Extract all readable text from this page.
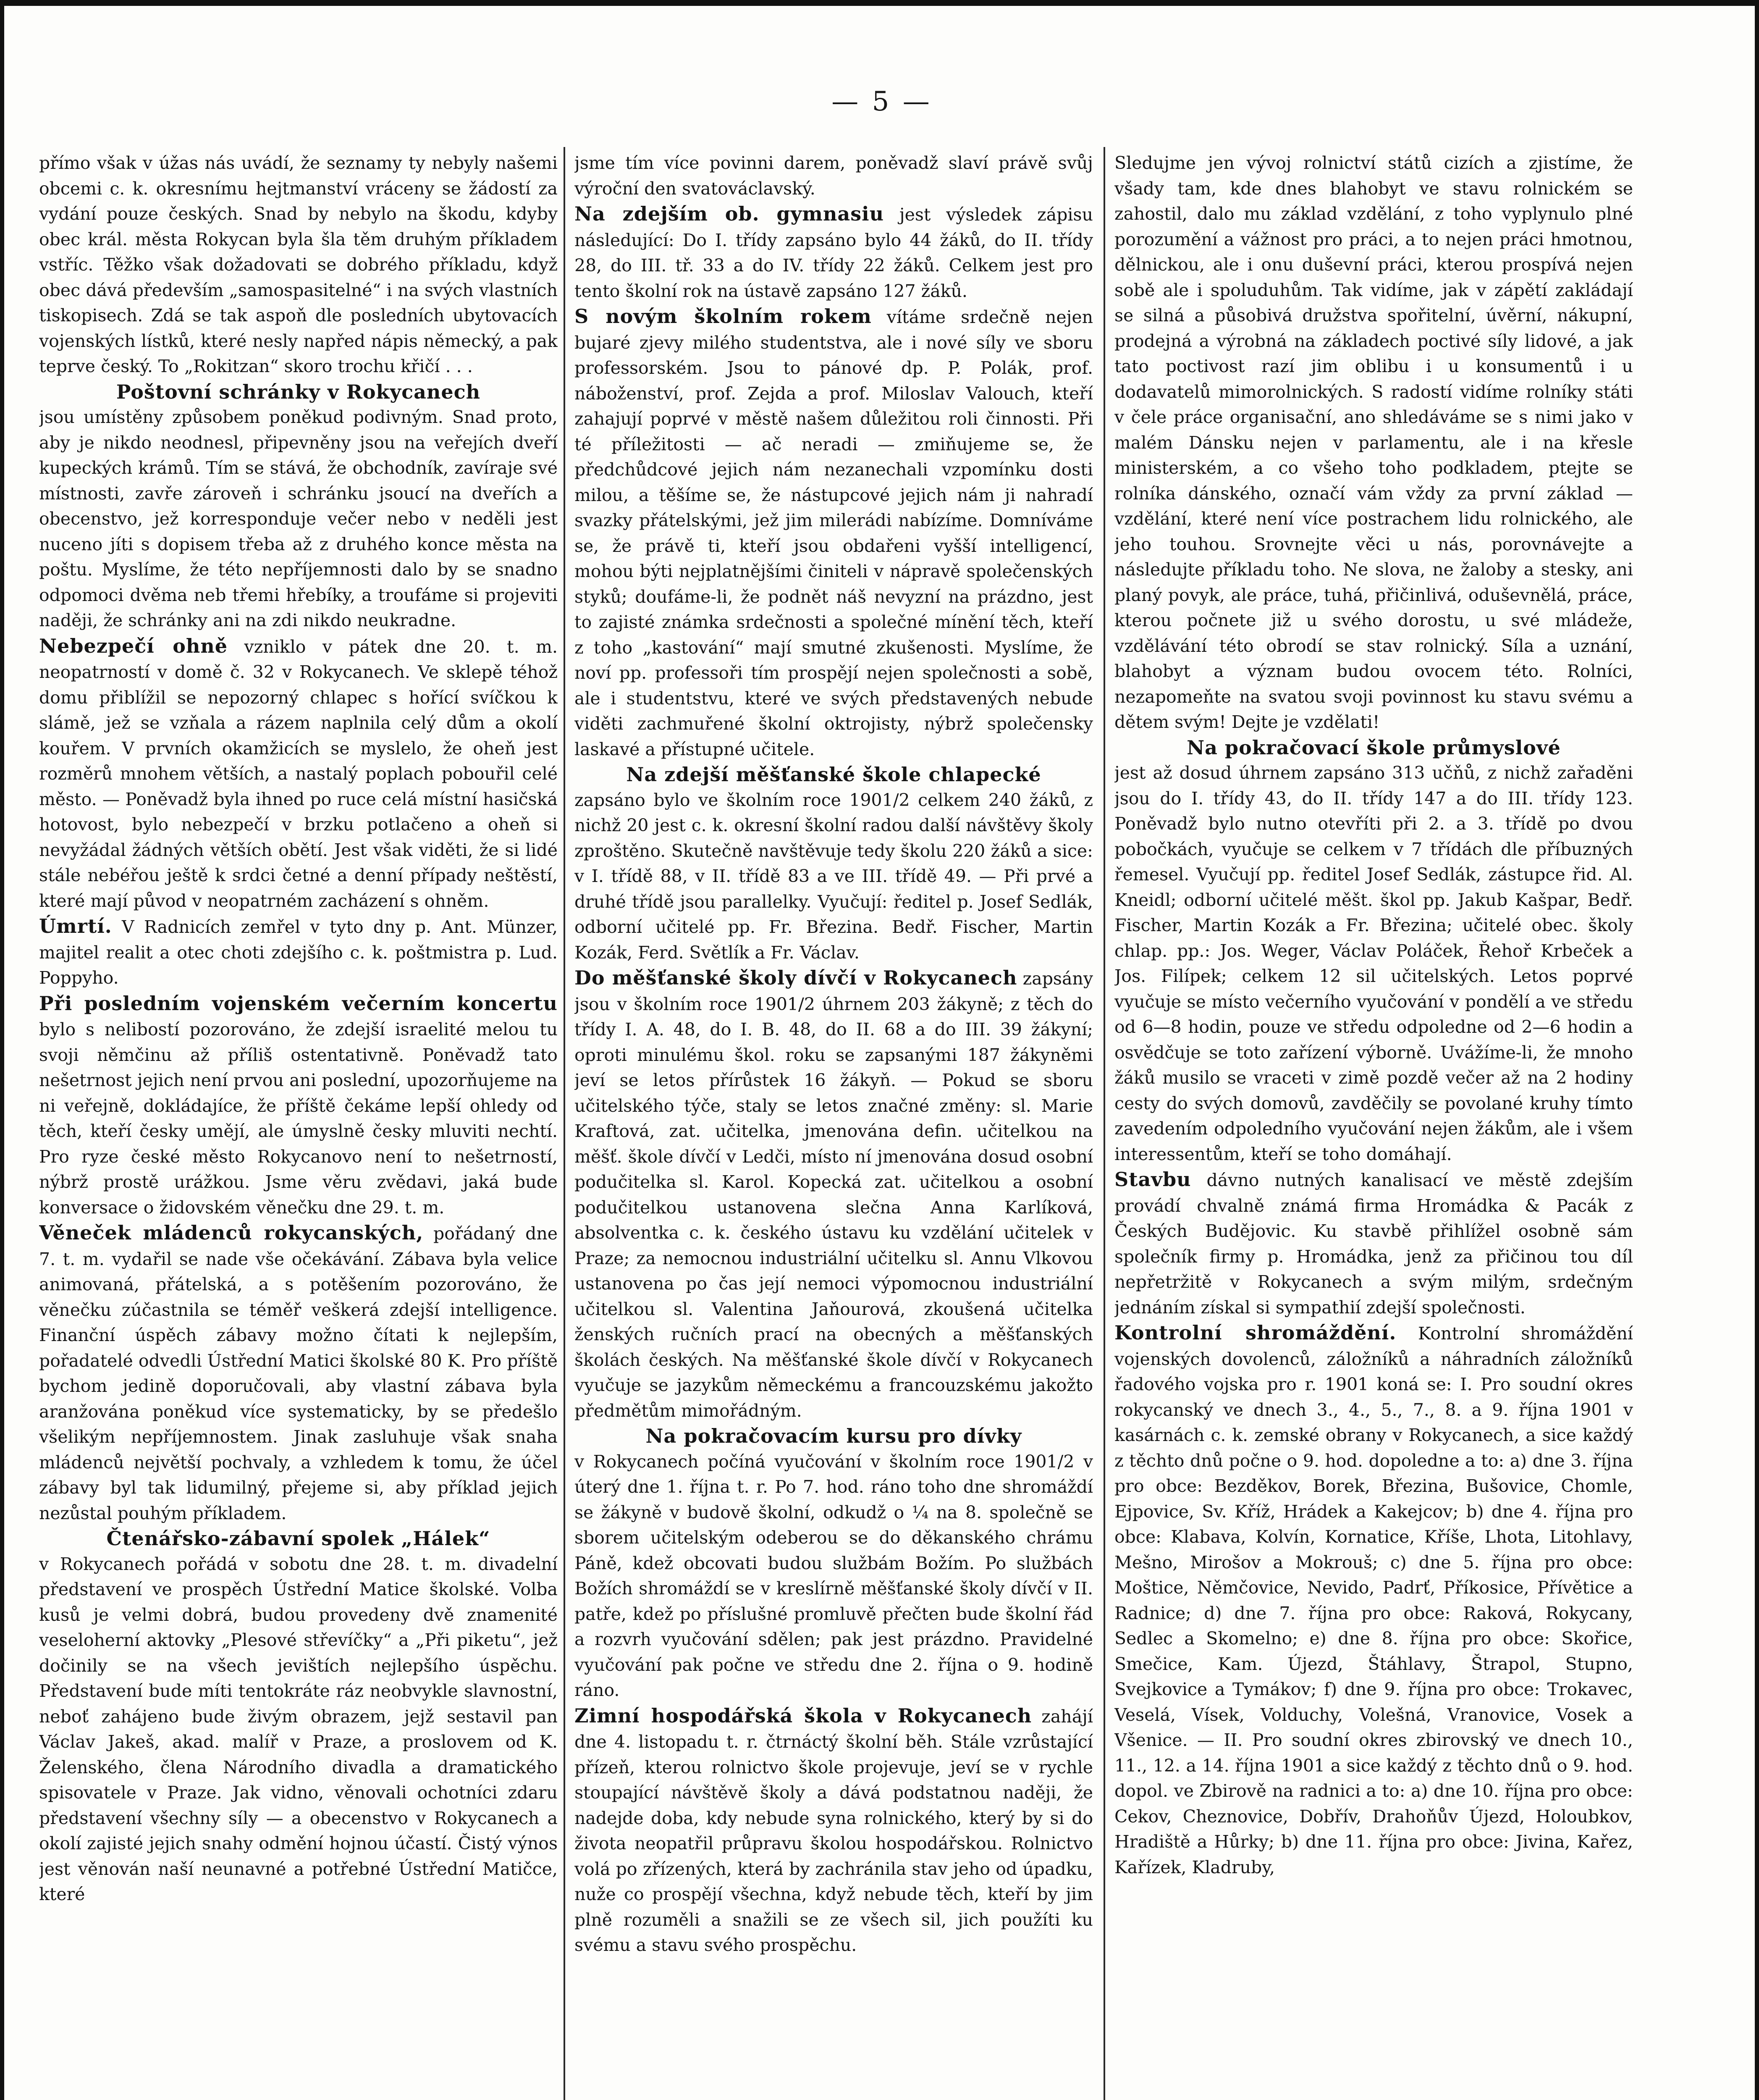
— 5 —

přímo však v úžas nás uvádí, že seznamy ty nebyly našemi obcemi c. k. okresnímu hejtmanství vráceny se žádostí za vydání pouze českých. Snad by nebylo na škodu, kdyby obec král. města Rokycan byla šla těm druhým příkladem vstříc. Těžko však dožadovati se dobrého příkladu, když obec dává především „samospasitelné“ i na svých vlastních tiskopisech. Zdá se tak aspoň dle posledních ubytovacích vojenských lístků, které nesly napřed nápis německý, a pak teprve český. To „Rokitzan“ skoro trochu křičí . . .

Poštovní schránky v Rokycanech
jsou umístěny způsobem poněkud podivným. Snad proto, aby je nikdo neodnesl, připevněny jsou na veřejích dveří kupeckých krámů. Tím se stává, že obchodník, zavíraje své místnosti, zavře zároveň i schránku jsoucí na dveřích a obecenstvo, jež korresponduje večer nebo v neděli jest nuceno jíti s dopisem třeba až z druhého konce města na poštu. Myslíme, že této nepříjemnosti dalo by se snadno odpomoci dvěma neb třemi hřebíky, a troufáme si projeviti naději, že schránky ani na zdi nikdo neukradne.

Nebezpečí ohně vzniklo v pátek dne 20. t. m. neopatrností v domě č. 32 v Rokycanech. Ve sklepě téhož domu přiblížil se nepozorný chlapec s hořící svíčkou k slámě, jež se vzňala a rázem naplnila celý dům a okolí kouřem. V prvních okamžicích se myslelo, že oheň jest rozměrů mnohem větších, a nastalý poplach pobouřil celé město. — Poněvadž byla ihned po ruce celá místní hasičská hotovost, bylo nebezpečí v brzku potlačeno a oheň si nevyžádal žádných větších obětí. Jest však viděti, že si lidé stále nebéřou ještě k srdci četné a denní případy neštěstí, které mají původ v neopatrném zacházení s ohněm.

Úmrtí. V Radnicích zemřel v tyto dny p. Ant. Münzer, majitel realit a otec choti zdejšího c. k. poštmistra p. Lud. Poppyho.

Při posledním vojenském večerním koncertu bylo s nelibostí pozorováno, že zdejší israelité melou tu svoji němčinu až příliš ostentativně. Poněvadž tato nešetrnost jejich není prvou ani poslední, upozorňujeme na ni veřejně, dokládajíce, že příště čekáme lepší ohledy od těch, kteří česky umějí, ale úmyslně česky mluviti nechtí. Pro ryze české město Rokycanovo není to nešetrností, nýbrž prostě urážkou. Jsme věru zvědavi, jaká bude konversace o židovském věnečku dne 29. t. m.

Věneček mládenců rokycanských, pořádaný dne 7. t. m. vydařil se nade vše očekávání. Zábava byla velice animovaná, přátelská, a s potěšením pozorováno, že věnečku zúčastnila se téměř veškerá zdejší intelligence. Finanční úspěch zábavy možno čítati k nejlepším, pořadatelé odvedli Ústřední Matici školské 80 K. Pro příště bychom jedině doporučovali, aby vlastní zábava byla aranžována poněkud více systematicky, by se předešlo všelikým nepříjemnostem. Jinak zasluhuje však snaha mládenců největší pochvaly, a vzhledem k tomu, že účel zábavy byl tak lidumilný, přejeme si, aby příklad jejich nezůstal pouhým příkladem.

Čtenářsko-zábavní spolek „Hálek“
v Rokycanech pořádá v sobotu dne 28. t. m. divadelní představení ve prospěch Ústřední Matice školské. Volba kusů je velmi dobrá, budou provedeny dvě znamenité veseloherní aktovky „Plesové střevíčky“ a „Při piketu“, jež dočinily se na všech jevištích nejlepšího úspěchu. Představení bude míti tentokráte ráz neobvykle slavnostní, neboť zahájeno bude živým obrazem, jejž sestavil pan Václav Jakeš, akad. malíř v Praze, a proslovem od K. Želenského, člena Národního divadla a dramatického spisovatele v Praze. Jak vidno, věnovali ochotníci zdaru představení všechny síly — a obecenstvo v Rokycanech a okolí zajisté jejich snahy odmění hojnou účastí. Čistý výnos jest věnován naší neunavné a potřebné Ústřední Matičce, které

jsme tím více povinni darem, poněvadž slaví právě svůj výroční den svatováclavský.

Na zdejším ob. gymnasiu jest výsledek zápisu následující: Do I. třídy zapsáno bylo 44 žáků, do II. třídy 28, do III. tř. 33 a do IV. třídy 22 žáků. Celkem jest pro tento školní rok na ústavě zapsáno 127 žáků.

S novým školním rokem vítáme srdečně nejen bujaré zjevy milého studentstva, ale i nové síly ve sboru professorském. Jsou to pánové dp. P. Polák, prof. náboženství, prof. Zejda a prof. Miloslav Valouch, kteří zahajují poprvé v městě našem důležitou roli činnosti. Při té příležitosti — ač neradi — zmiňujeme se, že předchůdcové jejich nám nezanechali vzpomínku dosti milou, a těšíme se, že nástupcové jejich nám ji nahradí svazky přátelskými, jež jim milerádi nabízíme. Domníváme se, že právě ti, kteří jsou obdařeni vyšší intelligencí, mohou býti nejplatnějšími činiteli v nápravě společenských styků; doufáme-li, že podnět náš nevyzní na prázdno, jest to zajisté známka srdečnosti a společné mínění těch, kteří z toho „kastování“ mají smutné zkušenosti. Myslíme, že noví pp. professoři tím prospějí nejen společnosti a sobě, ale i studentstvu, které ve svých představených nebude viděti zachmuřené školní oktrojisty, nýbrž společensky laskavé a přístupné učitele.

Na zdejší měšťanské škole chlapecké
zapsáno bylo ve školním roce 1901/2 celkem 240 žáků, z nichž 20 jest c. k. okresní školní radou další návštěvy školy zproštěno. Skutečně navštěvuje tedy školu 220 žáků a sice: v I. třídě 88, v II. třídě 83 a ve III. třídě 49. — Při prvé a druhé třídě jsou parallelky. Vyučují: ředitel p. Josef Sedlák, odborní učitelé pp. Fr. Březina. Bedř. Fischer, Martin Kozák, Ferd. Světlík a Fr. Václav.

Do měšťanské školy dívčí v Rokycanech zapsány jsou v školním roce 1901/2 úhrnem 203 žákyně; z těch do třídy I. A. 48, do I. B. 48, do II. 68 a do III. 39 žákyní; oproti minulému škol. roku se zapsanými 187 žákyněmi jeví se letos přírůstek 16 žákyň. — Pokud se sboru učitelského týče, staly se letos značné změny: sl. Marie Kraftová, zat. učitelka, jmenována defin. učitelkou na měšť. škole dívčí v Ledči, místo ní jmenována dosud osobní podučitelka sl. Karol. Kopecká zat. učitelkou a osobní podučitelkou ustanovena slečna Anna Karlíková, absolventka c. k. českého ústavu ku vzdělání učitelek v Praze; za nemocnou industriální učitelku sl. Annu Vlkovou ustanovena po čas její nemoci výpomocnou industriální učitelkou sl. Valentina Jaňourová, zkoušená učitelka ženských ručních prací na obecných a měšťanských školách českých. Na měšťanské škole dívčí v Rokycanech vyučuje se jazykům německému a francouzskému jakožto předmětům mimořádným.

Na pokračovacím kursu pro dívky
v Rokycanech počíná vyučování v školním roce 1901/2 v úterý dne 1. října t. r. Po 7. hod. ráno toho dne shromáždí se žákyně v budově školní, odkudž o ¼ na 8. společně se sborem učitelským odeberou se do děkanského chrámu Páně, kdež obcovati budou službám Božím. Po službách Božích shromáždí se v kreslírně měšťanské školy dívčí v II. patře, kdež po příslušné promluvě přečten bude školní řád a rozvrh vyučování sdělen; pak jest prázdno. Pravidelné vyučování pak počne ve středu dne 2. října o 9. hodině ráno.

Zimní hospodářská škola v Rokycanech zahájí dne 4. listopadu t. r. čtrnáctý školní běh. Stále vzrůstající přízeň, kterou rolnictvo škole projevuje, jeví se v rychle stoupající návštěvě školy a dává podstatnou naději, že nadejde doba, kdy nebude syna rolnického, který by si do života neopatřil průpravu školou hospodářskou. Rolnictvo volá po zřízených, která by zachránila stav jeho od úpadku, nuže co prospějí všechna, když nebude těch, kteří by jim plně rozuměli a snažili se ze všech sil, jich použíti ku svému a stavu svého prospěchu.

Sledujme jen vývoj rolnictví států cizích a zjistíme, že všady tam, kde dnes blahobyt ve stavu rolnickém se zahostil, dalo mu základ vzdělání, z toho vyplynulo plné porozumění a vážnost pro práci, a to nejen práci hmotnou, dělnickou, ale i onu duševní práci, kterou prospívá nejen sobě ale i spoluduhům. Tak vidíme, jak v zápětí zakládají se silná a působivá družstva spořitelní, úvěrní, nákupní, prodejná a výrobná na základech poctivé síly lidové, a jak tato poctivost razí jim oblibu i u konsumentů i u dodavatelů mimorolnických. S radostí vidíme rolníky státi v čele práce organisační, ano shledáváme se s nimi jako v malém Dánsku nejen v parlamentu, ale i na křesle ministerském, a co všeho toho podkladem, ptejte se rolníka dánského, označí vám vždy za první základ — vzdělání, které není více postrachem lidu rolnického, ale jeho touhou. Srovnejte věci u nás, porovnávejte a následujte příkladu toho. Ne slova, ne žaloby a stesky, ani planý povyk, ale práce, tuhá, přičinlivá, oduševnělá, práce, kterou počnete již u svého dorostu, u své mládeže, vzdělávání této obrodí se stav rolnický. Síla a uznání, blahobyt a význam budou ovocem této. Rolníci, nezapomeňte na svatou svoji povinnost ku stavu svému a dětem svým! Dejte je vzdělati!

Na pokračovací škole průmyslové
jest až dosud úhrnem zapsáno 313 učňů, z nichž zařaděni jsou do I. třídy 43, do II. třídy 147 a do III. třídy 123. Poněvadž bylo nutno otevříti při 2. a 3. třídě po dvou pobočkách, vyučuje se celkem v 7 třídách dle příbuzných řemesel. Vyučují pp. ředitel Josef Sedlák, zástupce řid. Al. Kneidl; odborní učitelé měšt. škol pp. Jakub Kašpar, Bedř. Fischer, Martin Kozák a Fr. Březina; učitelé obec. školy chlap. pp.: Jos. Weger, Václav Poláček, Řehoř Krbeček a Jos. Filípek; celkem 12 sil učitelských. Letos poprvé vyučuje se místo večerního vyučování v pondělí a ve středu od 6—8 hodin, pouze ve středu odpoledne od 2—6 hodin a osvědčuje se toto zařízení výborně. Uvážíme-li, že mnoho žáků musilo se vraceti v zimě pozdě večer až na 2 hodiny cesty do svých domovů, zavděčily se povolané kruhy tímto zavedením odpoledního vyučování nejen žákům, ale i všem interessentům, kteří se toho domáhají.

Stavbu dávno nutných kanalisací ve městě zdejším provádí chvalně známá firma Hromádka & Pacák z Českých Budějovic. Ku stavbě přihlížel osobně sám společník firmy p. Hromádka, jenž za přičinou tou díl nepřetržitě v Rokycanech a svým milým, srdečným jednáním získal si sympathií zdejší společnosti.

Kontrolní shromáždění. Kontrolní shromáždění vojenských dovolenců, záložníků a náhradních záložníků řadového vojska pro r. 1901 koná se: I. Pro soudní okres rokycanský ve dnech 3., 4., 5., 7., 8. a 9. října 1901 v kasárnách c. k. zemské obrany v Rokycanech, a sice každý z těchto dnů počne o 9. hod. dopoledne a to: a) dne 3. října pro obce: Bezděkov, Borek, Březina, Bušovice, Chomle, Ejpovice, Sv. Kříž, Hrádek a Kakejcov; b) dne 4. října pro obce: Klabava, Kolvín, Kornatice, Kříše, Lhota, Litohlavy, Mešno, Mirošov a Mokrouš; c) dne 5. října pro obce: Moštice, Němčovice, Nevido, Padrť, Příkosice, Přívětice a Radnice; d) dne 7. října pro obce: Raková, Rokycany, Sedlec a Skomelno; e) dne 8. října pro obce: Skořice, Smečice, Kam. Újezd, Štáhlavy, Štrapol, Stupno, Svejkovice a Tymákov; f) dne 9. října pro obce: Trokavec, Veselá, Vísek, Volduchy, Volešná, Vranovice, Vosek a Všenice. — II. Pro soudní okres zbirovský ve dnech 10., 11., 12. a 14. října 1901 a sice každý z těchto dnů o 9. hod. dopol. ve Zbirově na radnici a to: a) dne 10. října pro obce: Cekov, Cheznovice, Dobřív, Drahoňův Újezd, Holoubkov, Hradiště a Hůrky; b) dne 11. října pro obce: Jivina, Kařez, Kařízek, Kladruby,
